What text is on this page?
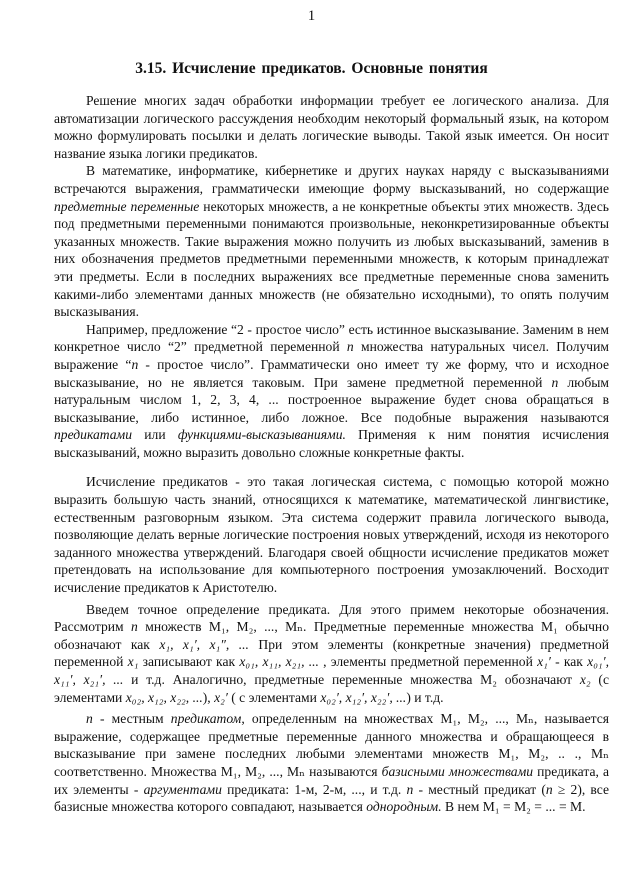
1
3.15. Исчисление предикатов. Основные понятия

Решение многих задач обработки информации требует ее логического анализа. Для автоматизации логического рассуждения необходим некоторый формальный язык, на котором можно формулировать посылки и делать логические выводы. Такой язык имеется. Он носит название языка логики предикатов.

В математике, информатике, кибернетике и других науках наряду с высказываниями встречаются выражения, грамматически имеющие форму высказываний, но содержащие предметные переменные некоторых множеств, а не конкретные объекты этих множеств. Здесь под предметными переменными понимаются произвольные, неконкретизированные объекты указанных множеств. Такие выражения можно получить из любых высказываний, заменив в них обозначения предметов предметными переменными множеств, к которым принадлежат эти предметы. Если в последних выражениях все предметные переменные снова заменить какими-либо элементами данных множеств (не обязательно исходными), то опять получим высказывания.

Например, предложение “2 - простое число” есть истинное высказывание. Заменим в нем конкретное число “2” предметной переменной n множества натуральных чисел. Получим выражение “n - простое число”. Грамматически оно имеет ту же форму, что и исходное высказывание, но не является таковым. При замене предметной переменной n любым натуральным числом 1, 2, 3, 4, ... построенное выражение будет снова обращаться в высказывание, либо истинное, либо ложное. Все подобные выражения называются предикатами или функциями-высказываниями. Применяя к ним понятия исчисления высказываний, можно выразить довольно сложные конкретные факты.

Исчисление предикатов - это такая логическая система, с помощью которой можно выразить большую часть знаний, относящихся к математике, математической лингвистике, естественным разговорным языком. Эта система содержит правила логического вывода, позволяющие делать верные логические построения новых утверждений, исходя из некоторого заданного множества утверждений. Благодаря своей общности исчисление предикатов может претендовать на использование для компьютерного построения умозаключений. Восходит исчисление предикатов к Аристотелю.

Введем точное определение предиката. Для этого примем некоторые обозначения. Рассмотрим n множеств M₁, M₂, ..., Mₙ. Предметные переменные множества M₁ обычно обозначают как x₁, x₁′, x₁″, ... При этом элементы (конкретные значения) предметной переменной x₁ записывают как x₀₁, x₁₁, x₂₁, ... , элементы предметной переменной x₁′ - как x₀₁′, x₁₁′, x₂₁′, ... и т.д. Аналогично, предметные переменные множества M₂ обозначают x₂ (с элементами x₀₂, x₁₂, x₂₂, ...), x₂′ ( с элементами x₀₂′, x₁₂′, x₂₂′, ...) и т.д.

n - местным предикатом, определенным на множествах M₁, M₂, ..., Mₙ, называется выражение, содержащее предметные переменные данного множества и обращающееся в высказывание при замене последних любыми элементами множеств M₁, M₂, .. ., Mₙ соответственно. Множества M₁, M₂, ..., Mₙ называются базисными множествами предиката, а их элементы - аргументами предиката: 1-м, 2-м, ..., и т.д. n - местный предикат (n ≥ 2), все базисные множества которого совпадают, называется однородным. В нем M₁ = M₂ = ... = M.
